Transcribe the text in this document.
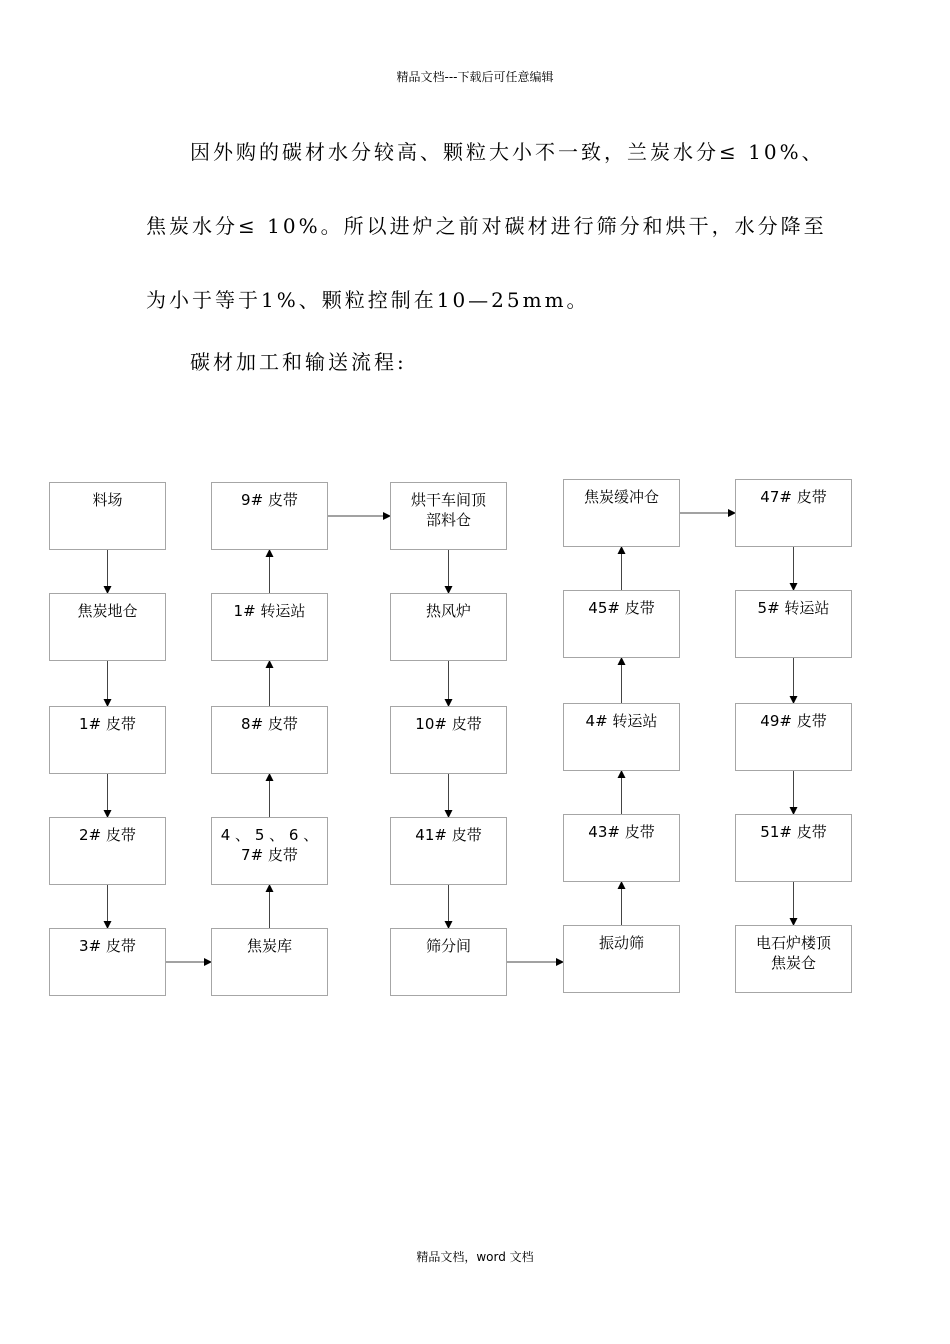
精品文档---下载后可任意编辑
因外购的碳材水分较高、颗粒大小不一致，兰炭水分≤ 10%、
焦炭水分≤ 10%。所以进炉之前对碳材进行筛分和烘干，水分降至
为小于等于1%、颗粒控制在10—25mm。
碳材加工和输送流程:
料场
焦炭地仓
1# 皮带
2# 皮带
3# 皮带
9# 皮带
1# 转运站
8# 皮带
4 、 5 、 6 、
7# 皮带
焦炭库
烘干车间顶
部料仓
热风炉
10# 皮带
41# 皮带
筛分间
焦炭缓冲仓
45# 皮带
4# 转运站
43# 皮带
振动筛
47# 皮带
5# 转运站
49# 皮带
51# 皮带
电石炉楼顶
焦炭仓
精品文档，word 文档
